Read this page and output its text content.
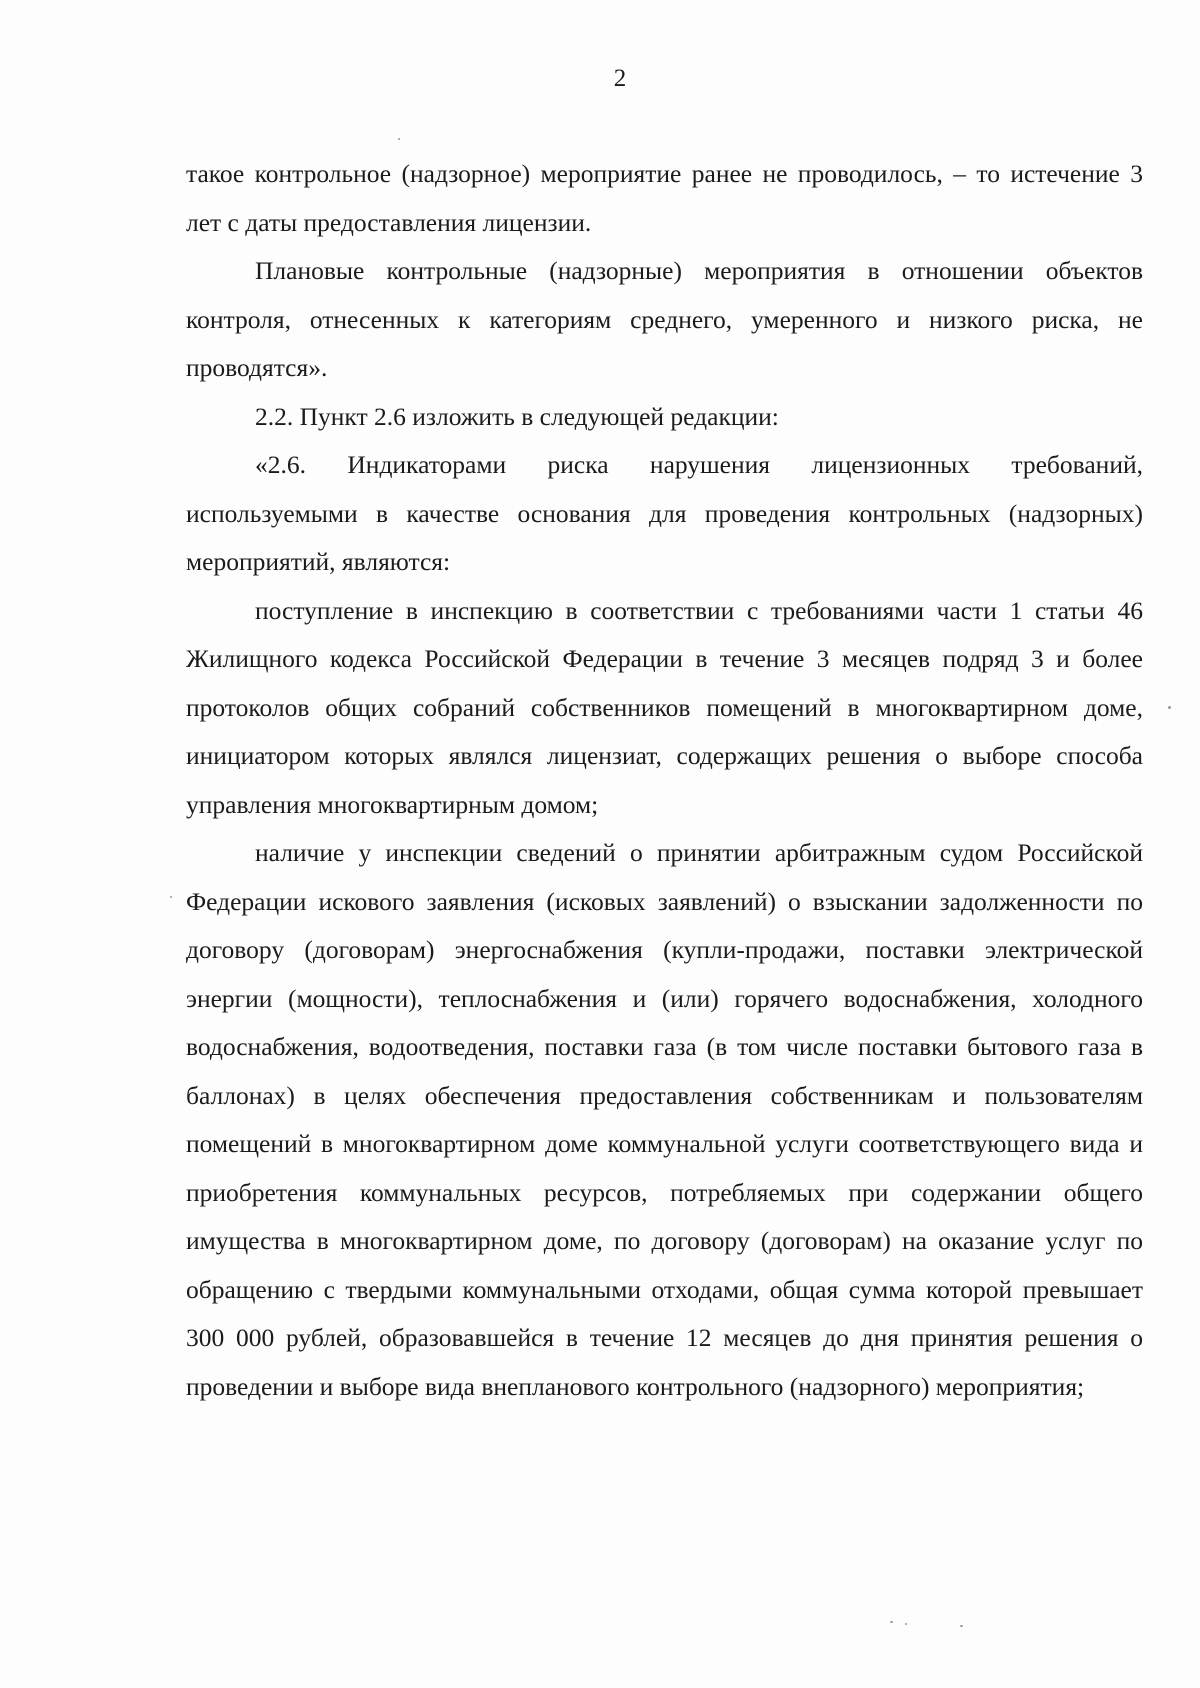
2

такое контрольное (надзорное) мероприятие ранее не проводилось, – то истечение 3 лет с даты предоставления лицензии.

Плановые контрольные (надзорные) мероприятия в отношении объектов контроля, отнесенных к категориям среднего, умеренного и низкого риска, не проводятся».

2.2. Пункт 2.6 изложить в следующей редакции:

«2.6. Индикаторами риска нарушения лицензионных требований, используемыми в качестве основания для проведения контрольных (надзорных) мероприятий, являются:

поступление в инспекцию в соответствии с требованиями части 1 статьи 46 Жилищного кодекса Российской Федерации в течение 3 месяцев подряд 3 и более протоколов общих собраний собственников помещений в многоквартирном доме, инициатором которых являлся лицензиат, содержащих решения о выборе способа управления многоквартирным домом;

наличие у инспекции сведений о принятии арбитражным судом Российской Федерации искового заявления (исковых заявлений) о взыскании задолженности по договору (договорам) энергоснабжения (купли-продажи, поставки электрической энергии (мощности), теплоснабжения и (или) горячего водоснабжения, холодного водоснабжения, водоотведения, поставки газа (в том числе поставки бытового газа в баллонах) в целях обеспечения предоставления собственникам и пользователям помещений в многоквартирном доме коммунальной услуги соответствующего вида и приобретения коммунальных ресурсов, потребляемых при содержании общего имущества в многоквартирном доме, по договору (договорам) на оказание услуг по обращению с твердыми коммунальными отходами, общая сумма которой превышает 300 000 рублей, образовавшейся в течение 12 месяцев до дня принятия решения о проведении и выборе вида внепланового контрольного (надзорного) мероприятия;
